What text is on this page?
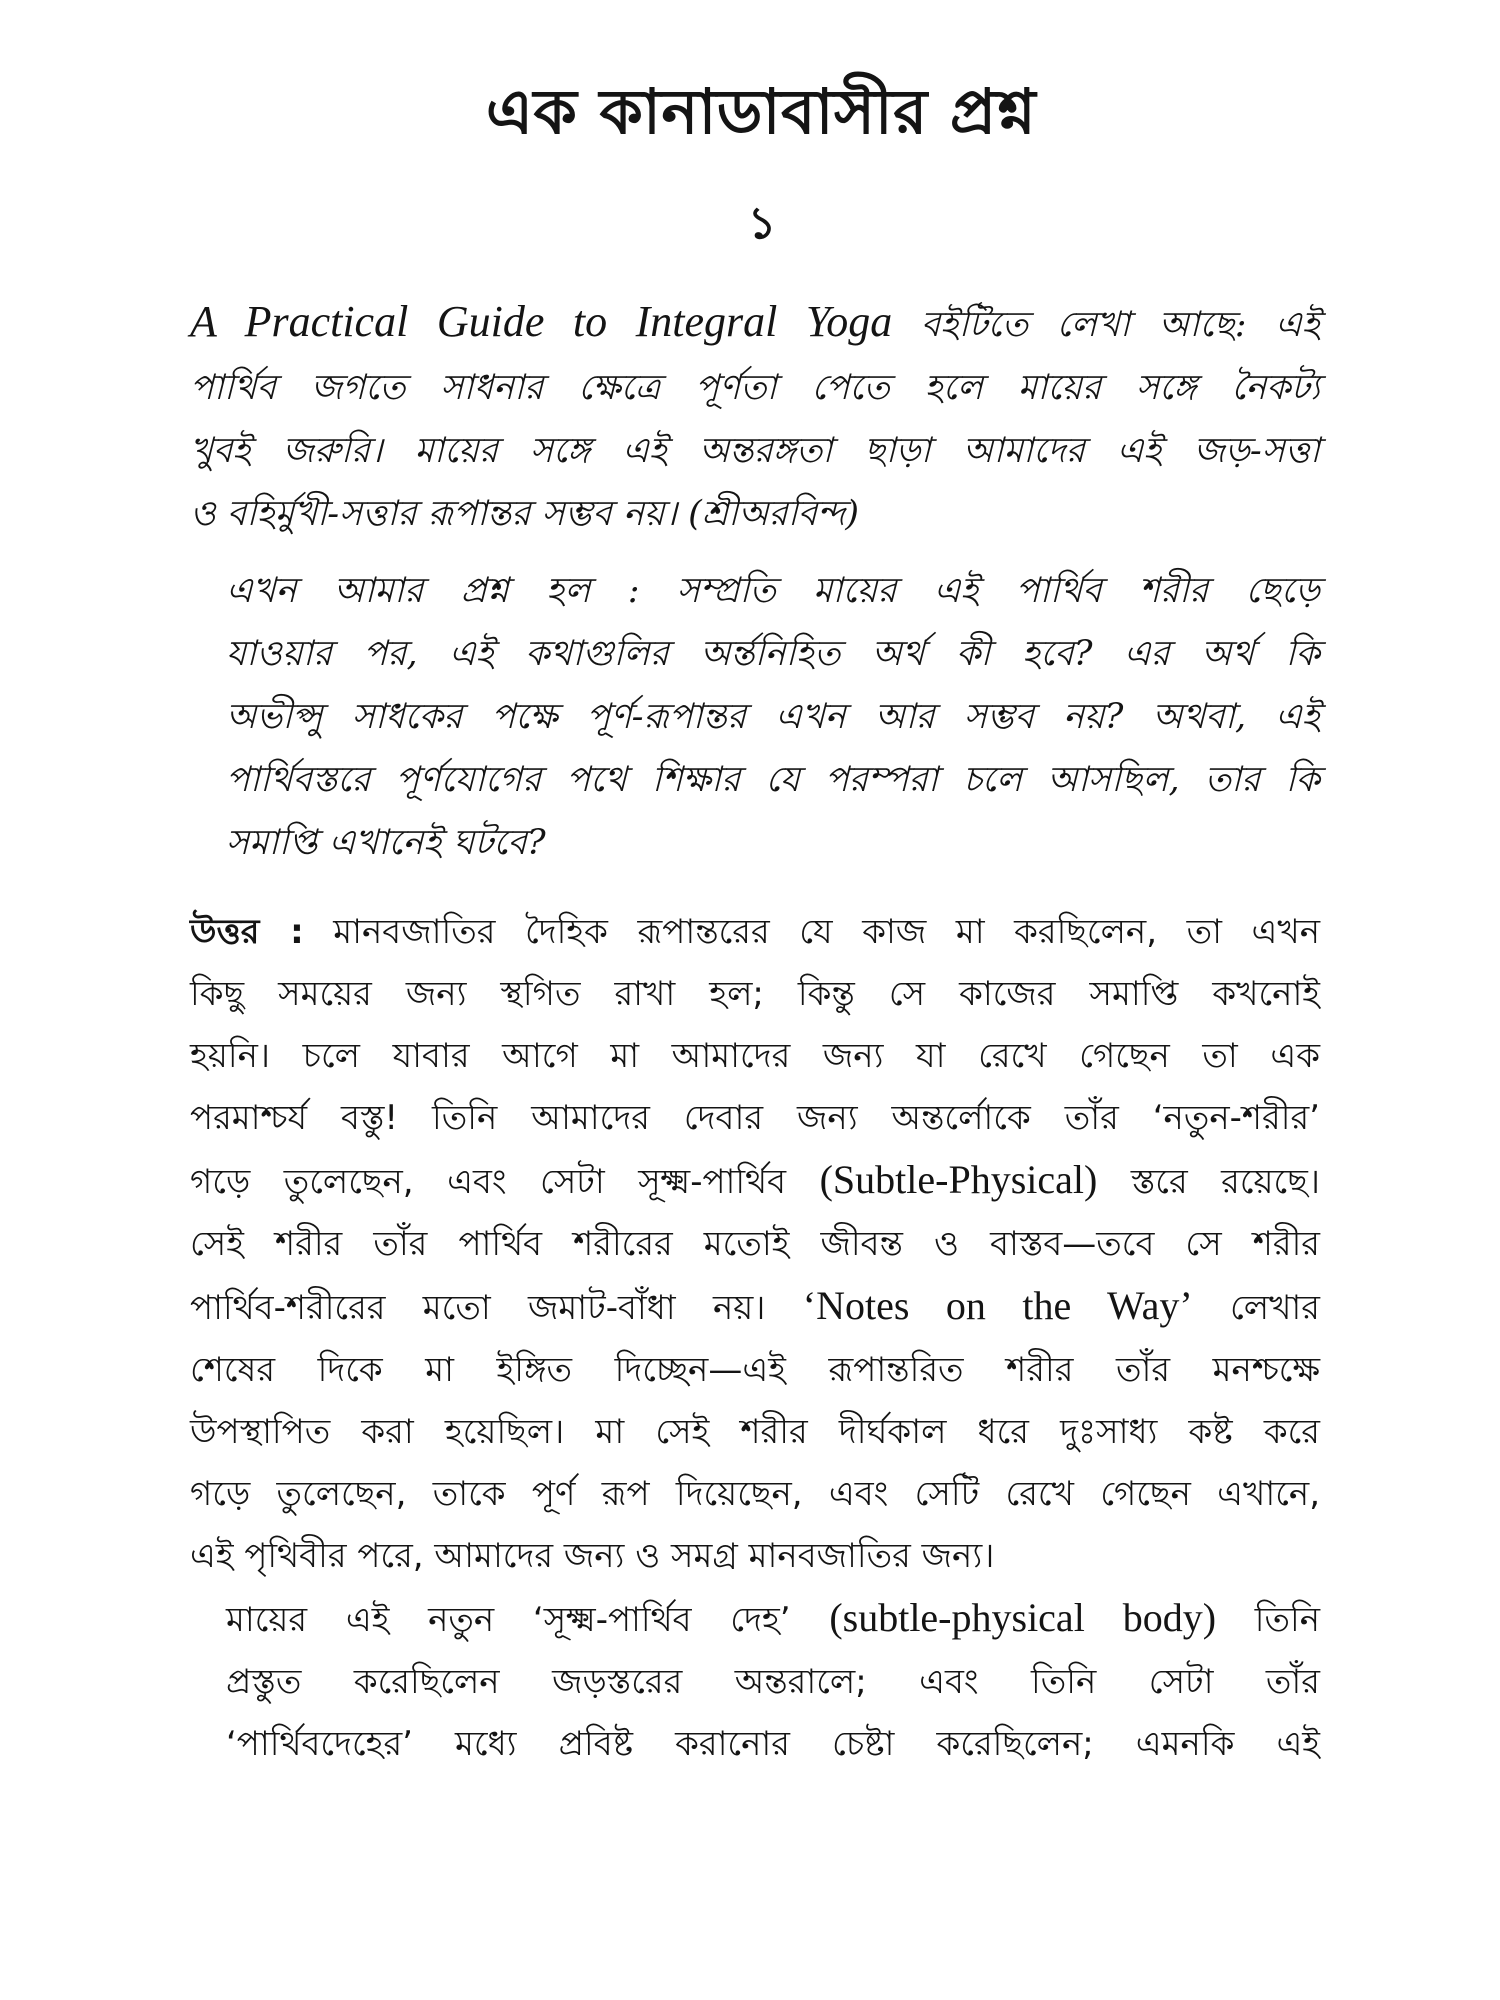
এক কানাডাবাসীর প্রশ্ন
১

A Practical Guide to Integral Yoga বইটিতে লেখা আছে: এই
পার্থিব জগতে সাধনার ক্ষেত্রে পূর্ণতা পেতে হলে মায়ের সঙ্গে নৈকট্য
খুবই জরুরি। মায়ের সঙ্গে এই অন্তরঙ্গতা ছাড়া আমাদের এই জড়-সত্তা
ও বহির্মুখী-সত্তার রূপান্তর সম্ভব নয়। (শ্রীঅরবিন্দ)

এখন আমার প্রশ্ন হল : সম্প্রতি মায়ের এই পার্থিব শরীর ছেড়ে
যাওয়ার পর, এই কথাগুলির অর্ন্তনিহিত অর্থ কী হবে? এর অর্থ কি
অভীপ্সু সাধকের পক্ষে পূর্ণ-রূপান্তর এখন আর সম্ভব নয়? অথবা, এই
পার্থিবস্তরে পূর্ণযোগের পথে শিক্ষার যে পরম্পরা চলে আসছিল, তার কি
সমাপ্তি এখানেই ঘটবে?

উত্তর : মানবজাতির দৈহিক রূপান্তরের যে কাজ মা করছিলেন, তা এখন
কিছু সময়ের জন্য স্থগিত রাখা হল; কিন্তু সে কাজের সমাপ্তি কখনোই
হয়নি। চলে যাবার আগে মা আমাদের জন্য যা রেখে গেছেন তা এক
পরমাশ্চর্য বস্তু! তিনি আমাদের দেবার জন্য অন্তর্লোকে তাঁর ‘নতুন-শরীর’
গড়ে তুলেছেন, এবং সেটা সূক্ষ্ম-পার্থিব (Subtle-Physical) স্তরে রয়েছে।
সেই শরীর তাঁর পার্থিব শরীরের মতোই জীবন্ত ও বাস্তব—তবে সে শরীর
পার্থিব-শরীরের মতো জমাট-বাঁধা নয়। ‘Notes on the Way’ লেখার
শেষের দিকে মা ইঙ্গিত দিচ্ছেন—এই রূপান্তরিত শরীর তাঁর মনশ্চক্ষে
উপস্থাপিত করা হয়েছিল। মা সেই শরীর দীর্ঘকাল ধরে দুঃসাধ্য কষ্ট করে
গড়ে তুলেছেন, তাকে পূর্ণ রূপ দিয়েছেন, এবং সেটি রেখে গেছেন এখানে,
এই পৃথিবীর পরে, আমাদের জন্য ও সমগ্র মানবজাতির জন্য।

মায়ের এই নতুন ‘সূক্ষ্ম-পার্থিব দেহ’ (subtle-physical body) তিনি
প্রস্তুত করেছিলেন জড়স্তরের অন্তরালে; এবং তিনি সেটা তাঁর
‘পার্থিবদেহের’ মধ্যে প্রবিষ্ট করানোর চেষ্টা করেছিলেন; এমনকি এই
